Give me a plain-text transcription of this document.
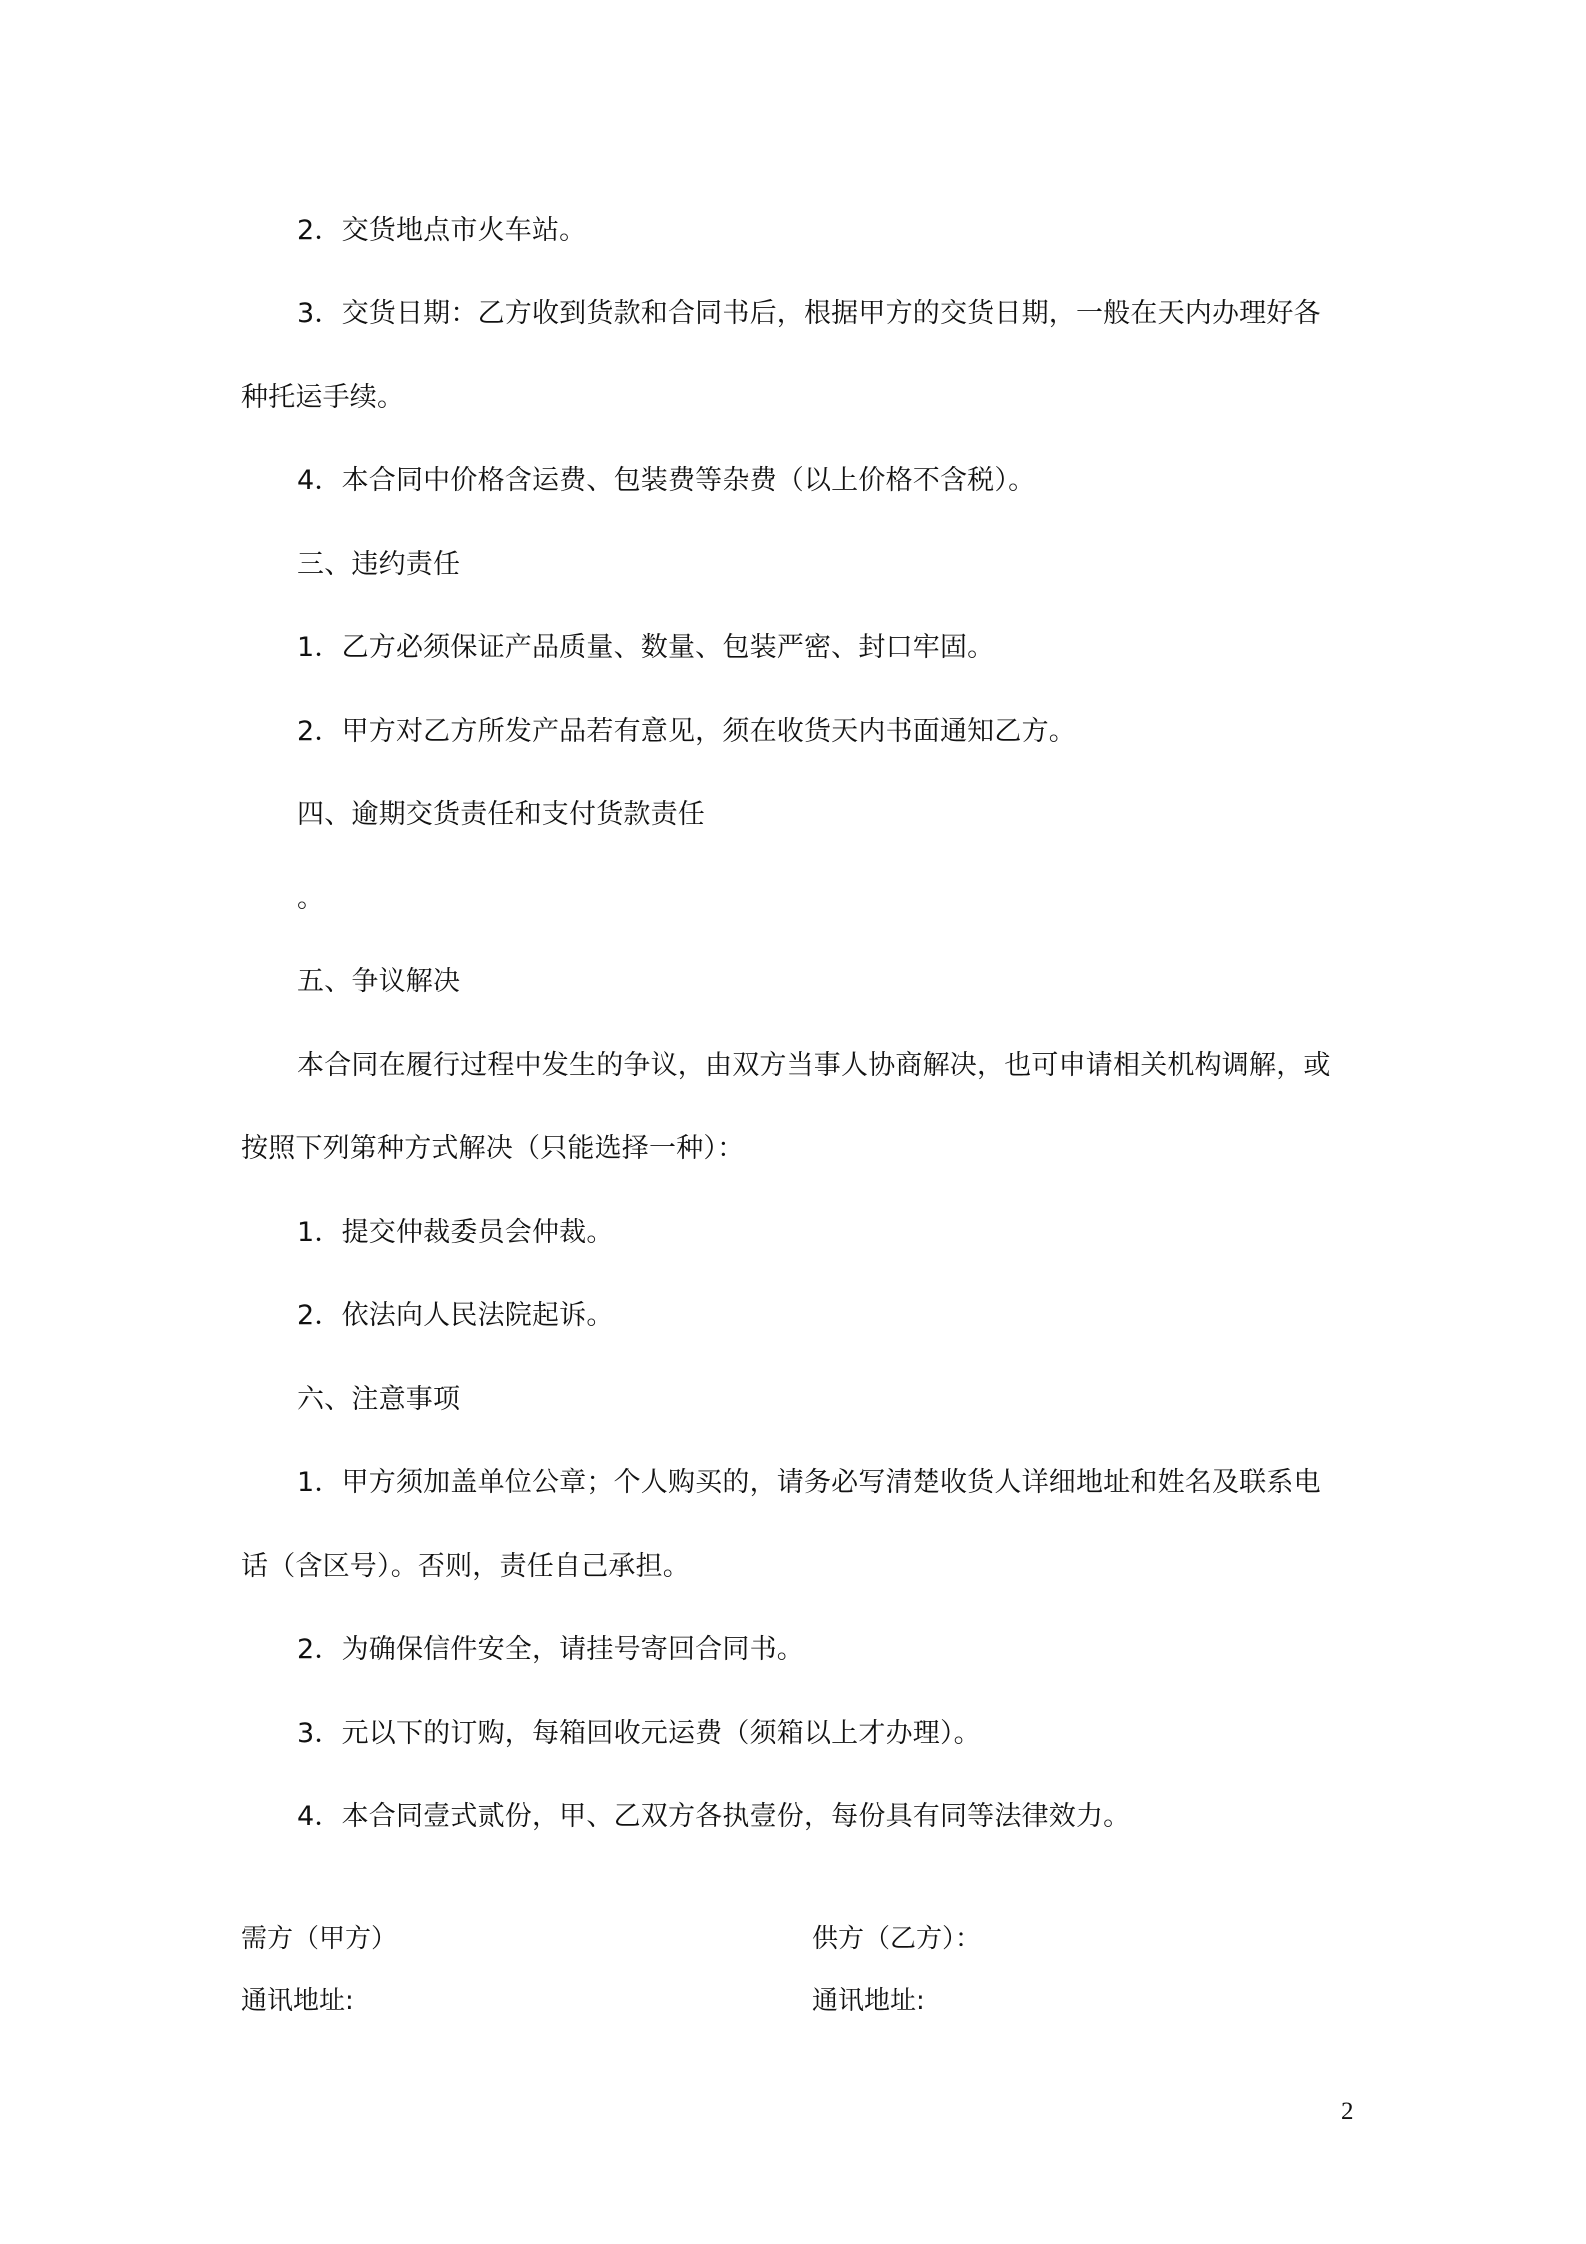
2．交货地点市火车站。

3．交货日期：乙方收到货款和合同书后，根据甲方的交货日期，一般在天内办理好各

种托运手续。

4．本合同中价格含运费、包装费等杂费（以上价格不含税）。

三、违约责任

1．乙方必须保证产品质量、数量、包装严密、封口牢固。

2．甲方对乙方所发产品若有意见，须在收货天内书面通知乙方。

四、逾期交货责任和支付货款责任

。

五、争议解决

本合同在履行过程中发生的争议，由双方当事人协商解决，也可申请相关机构调解，或

按照下列第种方式解决（只能选择一种）：

1．提交仲裁委员会仲裁。

2．依法向人民法院起诉。

六、注意事项

1．甲方须加盖单位公章；个人购买的，请务必写清楚收货人详细地址和姓名及联系电

话（含区号）。否则，责任自己承担。

2．为确保信件安全，请挂号寄回合同书。

3．元以下的订购，每箱回收元运费（须箱以上才办理）。

4．本合同壹式贰份，甲、乙双方各执壹份，每份具有同等法律效力。

需方（甲方）	供方（乙方）：

通讯地址:	通讯地址:

2
